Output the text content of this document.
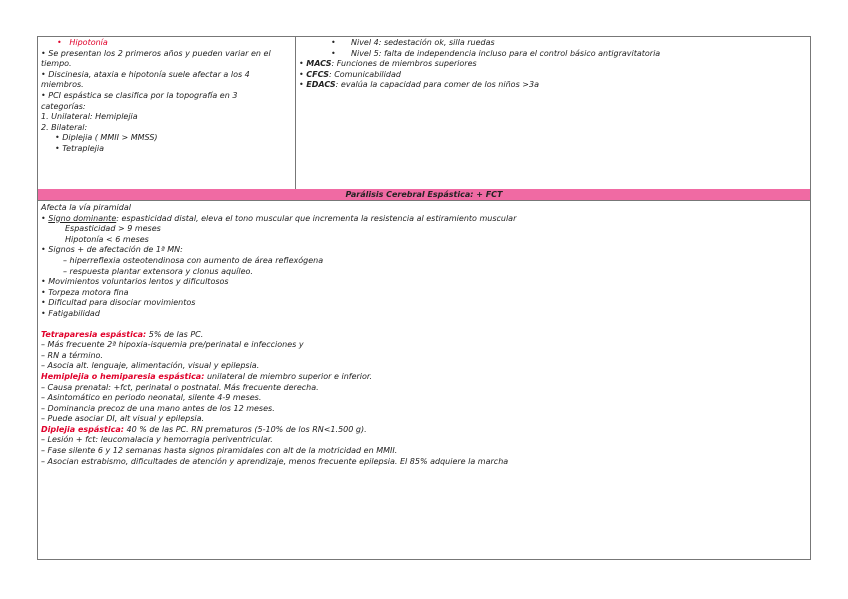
•   Hipotonía

• Se presentan los 2 primeros años y pueden variar en el

tiempo.

• Discinesia, ataxia e hipotonía suele afectar a los 4

miembros.

• PCI espástica se clasifica por la topografía en 3

categorías:

1. Unilateral: Hemiplejia

2. Bilateral:

• Diplejia ( MMII > MMSS)

• Tetraplejia

•      Nivel 4: sedestación ok, silla ruedas

•      Nivel 5: falta de independencia incluso para el control básico antigravitatoria

• MACS: Funciones de miembros superiores

• CFCS: Comunicabilidad

• EDACS: evalúa la capacidad para comer de los niños >3a

Parálisis Cerebral Espástica: + FCT

Afecta la vía piramidal

• Signo dominante: espasticidad distal, eleva el tono muscular que incrementa la resistencia al estiramiento muscular

Espasticidad > 9 meses

Hipotonía < 6 meses

• Signos + de afectación de 1ª MN:

– hiperreflexia osteotendinosa con aumento de área reflexógena

– respuesta plantar extensora y clonus aquíleo.

• Movimientos voluntarios lentos y dificultosos

• Torpeza motora fina

• Dificultad para disociar movimientos

• Fatigabilidad

Tetraparesia espástica: 5% de las PC.

– Más frecuente 2ª hipoxia-isquemia pre/perinatal e infecciones y

– RN a término.

– Asocia alt. lenguaje, alimentación, visual y epilepsia.

Hemiplejia o hemiparesia espástica: unilateral de miembro superior e inferior.

– Causa prenatal: +fct, perinatal o postnatal. Más frecuente derecha.

– Asintomático en periodo neonatal, silente 4-9 meses.

– Dominancia precoz de una mano antes de los 12 meses.

– Puede asociar DI, alt visual y epilepsia.

Diplejia espástica: 40 % de las PC. RN prematuros (5-10% de los RN<1.500 g).

– Lesión + fct: leucomalacia y hemorragia periventricular.

– Fase silente 6 y 12 semanas hasta signos piramidales con alt de la motricidad en MMII.

– Asocian estrabismo, dificultades de atención y aprendizaje, menos frecuente epilepsia. El 85% adquiere la marcha
